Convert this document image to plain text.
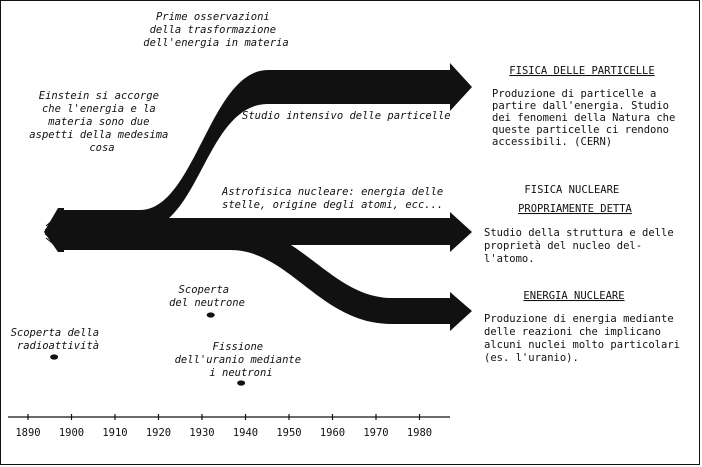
Prime osservazioni della trasformazione dell'energia in materia
Einstein si accorge che l'energia e la materia sono due aspetti della medesima cosa
Studio intensivo delle particelle
Astrofisica nucleare: energia delle stelle, origine degli atomi, ecc...
Scoperta del neutrone
Scoperta della radioattività	Fissione dell'uranio mediante i neutroni
FISICA DELLE PARTICELLE
Produzione di particelle a partire dall'energia. Studio dei fenomeni della Natura che queste particelle ci rendono accessibili. (CERN)
FISICA NUCLEARE PROPRIAMENTE DETTA
Studio della struttura e delle proprietà del nucleo del- l'atomo.
ENERGIA NUCLEARE
Produzione di energia mediante delle reazioni che implicano alcuni nuclei molto particolari (es. l'uranio).
1890 1900 1910 1920 1930 1940 1950 1960 1970 1980
